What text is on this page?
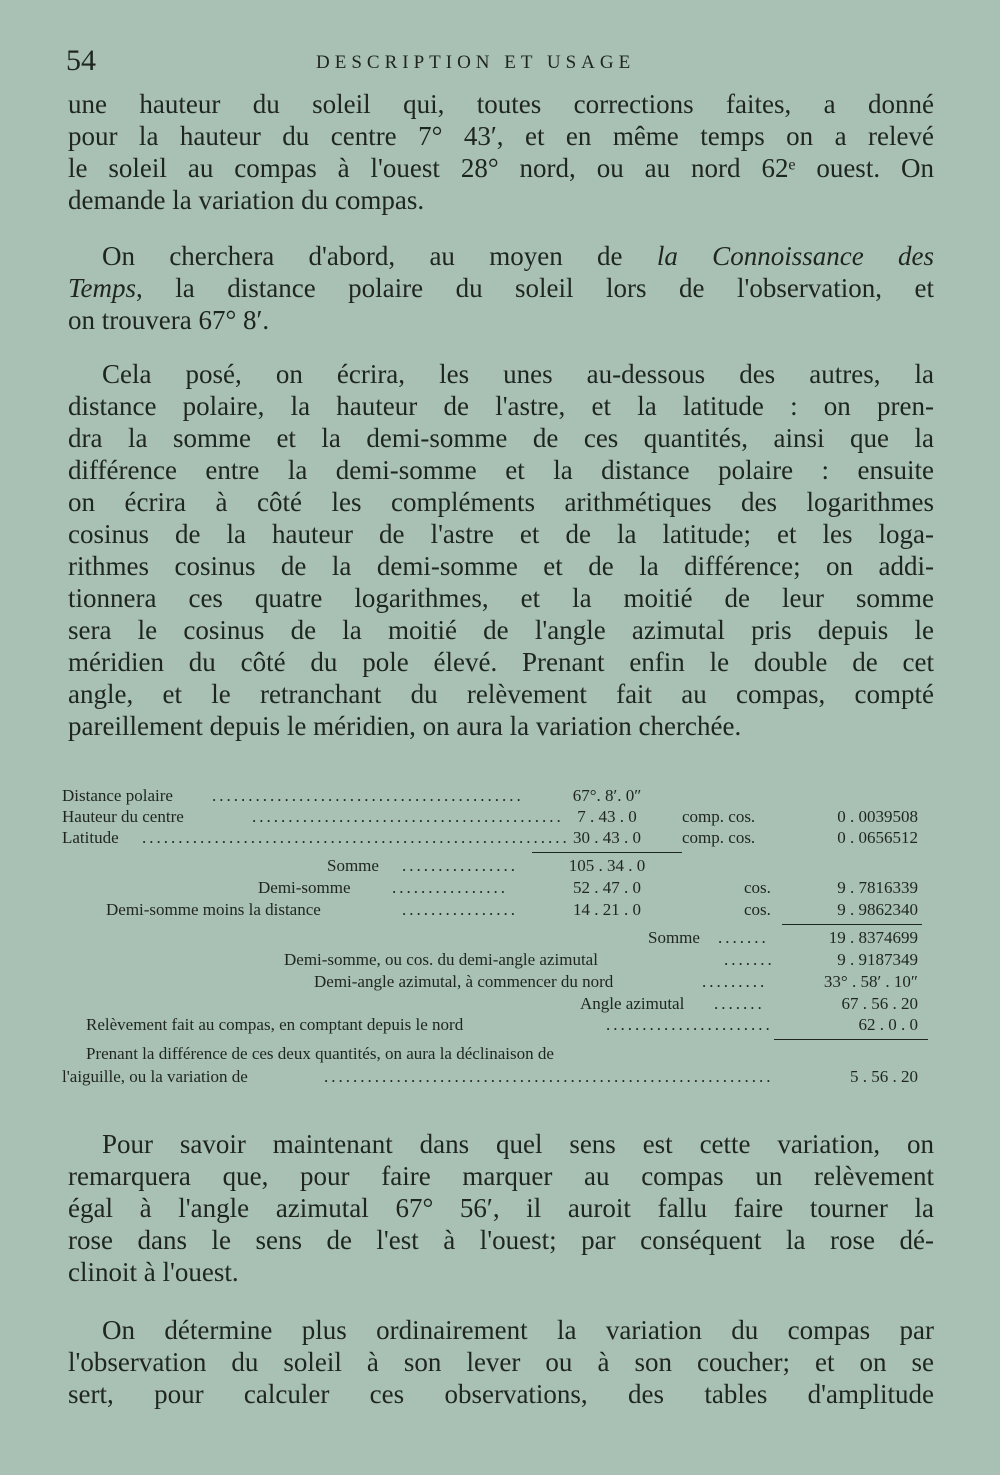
54	DESCRIPTION ET USAGE
une hauteur du soleil qui, toutes corrections faites, a donné
pour la hauteur du centre 7° 43′, et en même temps on a relevé
le soleil au compas à l'ouest 28° nord, ou au nord 62ᵉ ouest. On
demande la variation du compas.
On cherchera d'abord, au moyen de la Connoissance des
Temps, la distance polaire du soleil lors de l'observation, et
on trouvera 67° 8′.
Cela posé, on écrira, les unes au-dessous des autres, la
distance polaire, la hauteur de l'astre, et la latitude : on pren-
dra la somme et la demi-somme de ces quantités, ainsi que la
différence entre la demi-somme et la distance polaire : ensuite
on écrira à côté les compléments arithmétiques des logarithmes
cosinus de la hauteur de l'astre et de la latitude; et les loga-
rithmes cosinus de la demi-somme et de la différence; on addi-
tionnera ces quatre logarithmes, et la moitié de leur somme
sera le cosinus de la moitié de l'angle azimutal pris depuis le
méridien du côté du pole élevé. Prenant enfin le double de cet
angle, et le retranchant du relèvement fait au compas, compté
pareillement depuis le méridien, on aura la variation cherchée.
Distance polaire ...........................................	67°. 8′. 0″
Hauteur du centre	........................................... 7 . 43 . 0	comp. cos.	0 . 0039508
Latitude ........................................................... 30 . 43 . 0	comp. cos.	0 . 0656512
Somme ................	105 . 34 . 0
Demi-somme ................	52 . 47 . 0	cos.	9 . 7816339
Demi-somme moins la distance	................	14 . 21 . 0	cos.	9 . 9862340
Somme .......	19 . 8374699
Demi-somme, ou cos. du demi-angle azimutal	.......	9 . 9187349
Demi-angle azimutal, à commencer du nord	.........	33° . 58′ . 10″
Angle azimutal .......	67 . 56 . 20
Relèvement fait au compas, en comptant depuis le nord	.......................	62 . 0 . 0
Prenant la différence de ces deux quantités, on aura la déclinaison de
l'aiguille, ou la variation de	..............................................................	5 . 56 . 20
Pour savoir maintenant dans quel sens est cette variation, on
remarquera que, pour faire marquer au compas un relèvement
égal à l'angle azimutal 67° 56′, il auroit fallu faire tourner la
rose dans le sens de l'est à l'ouest; par conséquent la rose dé-
clinoit à l'ouest.
On détermine plus ordinairement la variation du compas par
l'observation du soleil à son lever ou à son coucher; et on se
sert, pour calculer ces observations, des tables d'amplitude
